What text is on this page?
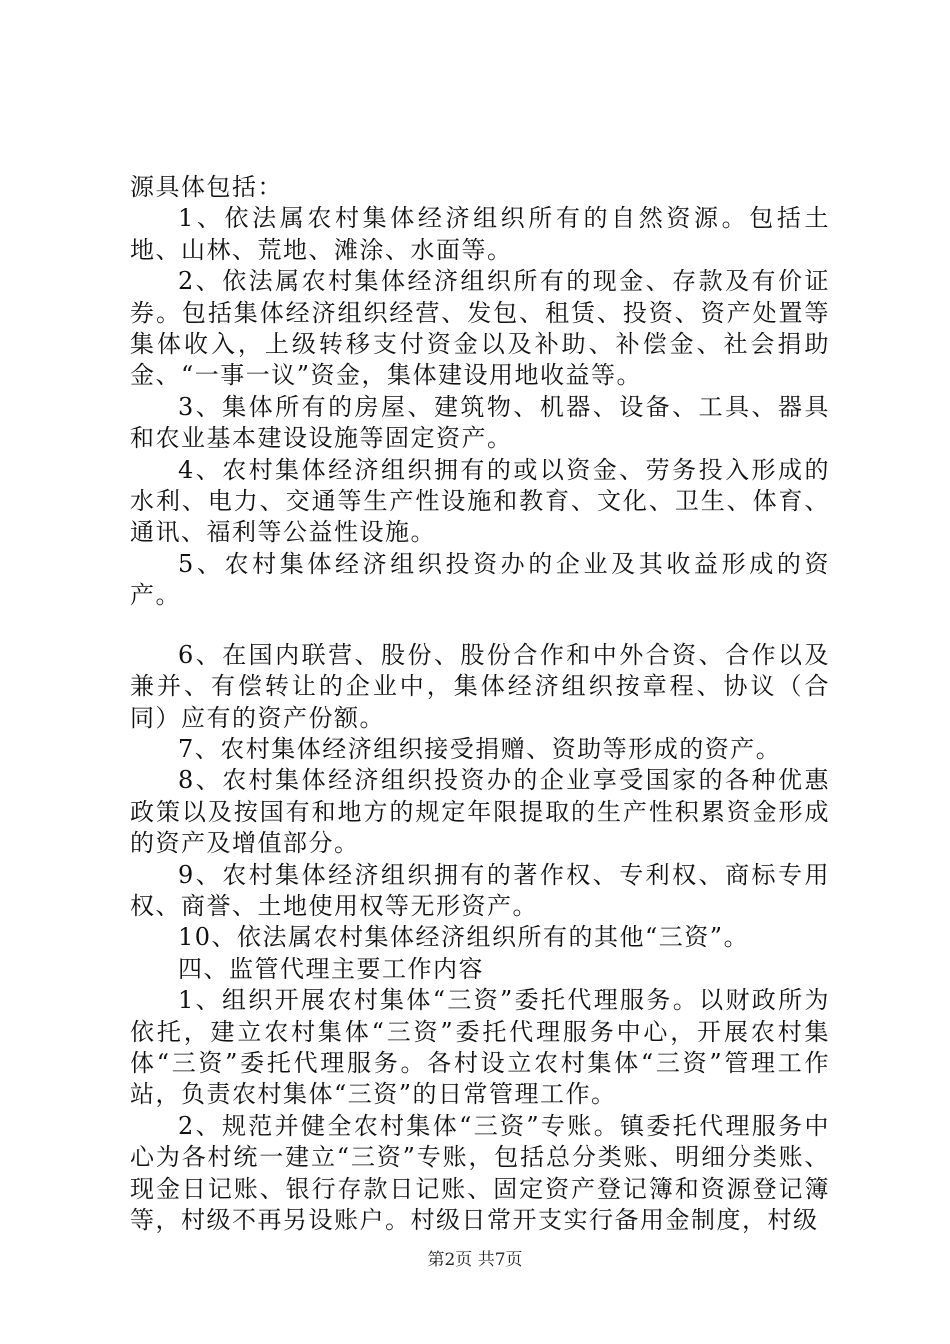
源具体包括：

1、依法属农村集体经济组织所有的自然资源。包括土地、山林、荒地、滩涂、水面等。

2、依法属农村集体经济组织所有的现金、存款及有价证券。包括集体经济组织经营、发包、租赁、投资、资产处置等集体收入，上级转移支付资金以及补助、补偿金、社会捐助金、“一事一议”资金，集体建设用地收益等。

3、集体所有的房屋、建筑物、机器、设备、工具、器具和农业基本建设设施等固定资产。

4、农村集体经济组织拥有的或以资金、劳务投入形成的水利、电力、交通等生产性设施和教育、文化、卫生、体育、通讯、福利等公益性设施。

5、农村集体经济组织投资办的企业及其收益形成的资产。

6、在国内联营、股份、股份合作和中外合资、合作以及兼并、有偿转让的企业中，集体经济组织按章程、协议（合同）应有的资产份额。

7、农村集体经济组织接受捐赠、资助等形成的资产。

8、农村集体经济组织投资办的企业享受国家的各种优惠政策以及按国有和地方的规定年限提取的生产性积累资金形成的资产及增值部分。

9、农村集体经济组织拥有的著作权、专利权、商标专用权、商誉、土地使用权等无形资产。

10、依法属农村集体经济组织所有的其他“三资”。

四、监管代理主要工作内容

1、组织开展农村集体“三资”委托代理服务。以财政所为依托，建立农村集体“三资”委托代理服务中心，开展农村集体“三资”委托代理服务。各村设立农村集体“三资”管理工作站，负责农村集体“三资”的日常管理工作。

2、规范并健全农村集体“三资”专账。镇委托代理服务中心为各村统一建立“三资”专账，包括总分类账、明细分类账、现金日记账、银行存款日记账、固定资产登记簿和资源登记簿等，村级不再另设账户。村级日常开支实行备用金制度，村级

第2页 共7页
